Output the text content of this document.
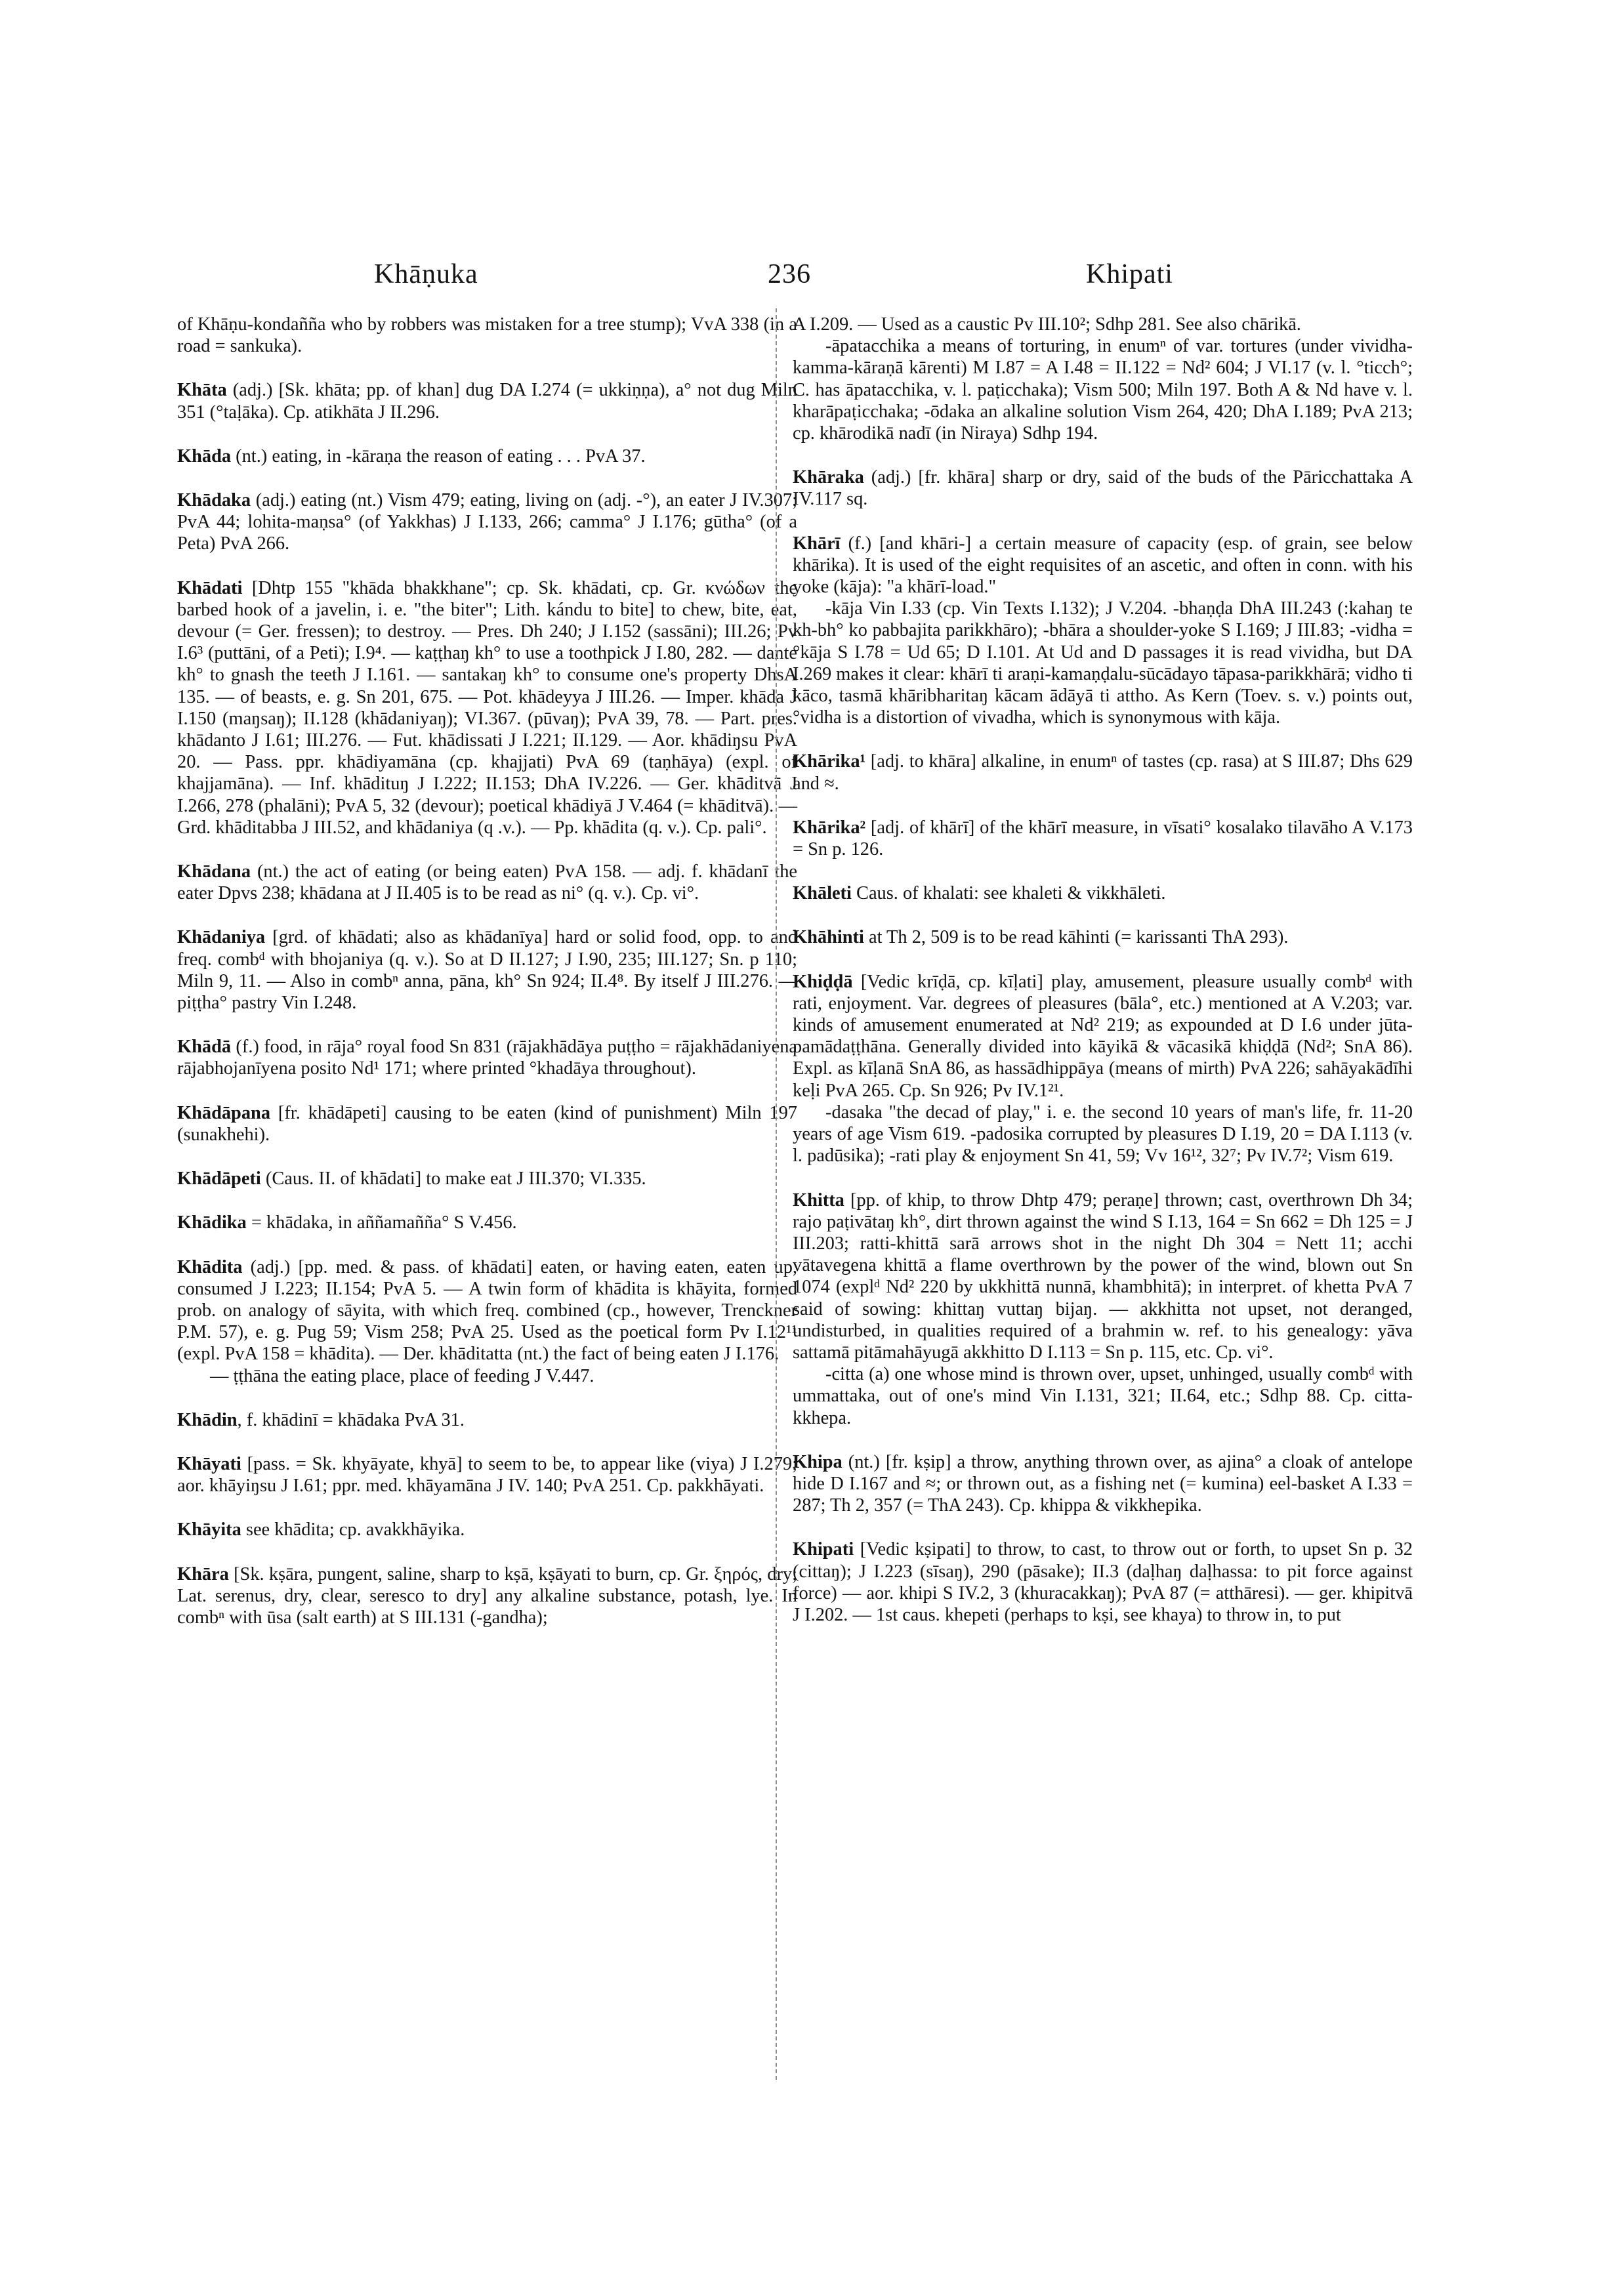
Khāṇuka	236	Khipati

of Khāṇu-kondañña who by robbers was mistaken for a tree stump); VvA 338 (in a road = sankuka).

Khāta (adj.) [Sk. khāta; pp. of khan] dug DA I.274 (= ukkiṇṇa), a° not dug Miln 351 (°taḷāka). Cp. atikhāta J II.296.

Khāda (nt.) eating, in -kāraṇa the reason of eating . . . PvA 37.

Khādaka (adj.) eating (nt.) Vism 479; eating, living on (adj. -°), an eater J IV.307; PvA 44; lohita-maṇsa° (of Yakkhas) J I.133, 266; camma° J I.176; gūtha° (of a Peta) PvA 266.

Khādati [Dhtp 155 "khāda bhakkhane"; cp. Sk. khādati, cp. Gr. κνώδων the barbed hook of a javelin, i. e. "the biter"; Lith. kándu to bite] to chew, bite, eat, devour (= Ger. fressen); to destroy. — Pres. Dh 240; J I.152 (sassāni); III.26; Pv I.6³ (puttāni, of a Peti); I.9⁴. — kaṭṭhaŋ kh° to use a toothpick J I.80, 282. — dante kh° to gnash the teeth J I.161. — santakaŋ kh° to consume one's property DhsA 135. — of beasts, e. g. Sn 201, 675. — Pot. khādeyya J III.26. — Imper. khāda J I.150 (maŋsaŋ); II.128 (khādaniyaŋ); VI.367. (pūvaŋ); PvA 39, 78. — Part. pres. khādanto J I.61; III.276. — Fut. khādissati J I.221; II.129. — Aor. khādiŋsu PvA 20. — Pass. ppr. khādiyamāna (cp. khajjati) PvA 69 (taṇhāya) (expl. of khajjamāna). — Inf. khādituŋ J I.222; II.153; DhA IV.226. — Ger. khāditvā J I.266, 278 (phalāni); PvA 5, 32 (devour); poetical khādiyā J V.464 (= khāditvā). — Grd. khāditabba J III.52, and khādaniya (q .v.). — Pp. khādita (q. v.). Cp. pali°.

Khādana (nt.) the act of eating (or being eaten) PvA 158. — adj. f. khādanī the eater Dpvs 238; khādana at J II.405 is to be read as ni° (q. v.). Cp. vi°.

Khādaniya [grd. of khādati; also as khādanīya] hard or solid food, opp. to and freq. combᵈ with bhojaniya (q. v.). So at D II.127; J I.90, 235; III.127; Sn. p 110; Miln 9, 11. — Also in combⁿ anna, pāna, kh° Sn 924; II.4⁸. By itself J III.276. — piṭṭha° pastry Vin I.248.

Khādā (f.) food, in rāja° royal food Sn 831 (rājakhādāya puṭṭho = rājakhādaniyena rājabhojanīyena posito Nd¹ 171; where printed °khadāya throughout).

Khādāpana [fr. khādāpeti] causing to be eaten (kind of punishment) Miln 197 (sunakhehi).

Khādāpeti (Caus. II. of khādati] to make eat J III.370; VI.335.

Khādika = khādaka, in aññamañña° S V.456.

Khādita (adj.) [pp. med. & pass. of khādati] eaten, or having eaten, eaten up, consumed J I.223; II.154; PvA 5. — A twin form of khādita is khāyita, formed prob. on analogy of sāyita, with which freq. combined (cp., however, Trenckner P.M. 57), e. g. Pug 59; Vism 258; PvA 25. Used as the poetical form Pv I.12¹¹ (expl. PvA 158 = khādita). — Der. khāditatta (nt.) the fact of being eaten J I.176.

— ṭṭhāna the eating place, place of feeding J V.447.

Khādin, f. khādinī = khādaka PvA 31.

Khāyati [pass. = Sk. khyāyate, khyā] to seem to be, to appear like (viya) J I.279; aor. khāyiŋsu J I.61; ppr. med. khāyamāna J IV. 140; PvA 251. Cp. pakkhāyati.

Khāyita see khādita; cp. avakkhāyika.

Khāra [Sk. kṣāra, pungent, saline, sharp to kṣā, kṣāyati to burn, cp. Gr. ξηρός, dry; Lat. serenus, dry, clear, seresco to dry] any alkaline substance, potash, lye. In combⁿ with ūsa (salt earth) at S III.131 (-gandha);

A I.209. — Used as a caustic Pv III.10²; Sdhp 281. See also chārikā.

-āpatacchika a means of torturing, in enumⁿ of var. tortures (under vividha-kamma-kāraṇā kārenti) M I.87 = A I.48 = II.122 = Nd² 604; J VI.17 (v. l. °ticch°; C. has āpatacchika, v. l. paṭicchaka); Vism 500; Miln 197. Both A & Nd have v. l. kharāpaṭicchaka; -ōdaka an alkaline solution Vism 264, 420; DhA I.189; PvA 213; cp. khārodikā nadī (in Niraya) Sdhp 194.

Khāraka (adj.) [fr. khāra] sharp or dry, said of the buds of the Pāricchattaka A IV.117 sq.

Khārī (f.) [and khāri-] a certain measure of capacity (esp. of grain, see below khārika). It is used of the eight requisites of an ascetic, and often in conn. with his yoke (kāja): "a khārī-load."

-kāja Vin I.33 (cp. Vin Texts I.132); J V.204. -bhaṇḍa DhA III.243 (:kahaŋ te kh-bh° ko pabbajita parikkhāro); -bhāra a shoulder-yoke S I.169; J III.83; -vidha = °kāja S I.78 = Ud 65; D I.101. At Ud and D passages it is read vividha, but DA I.269 makes it clear: khārī ti araṇi-kamaṇḍalu-sūcādayo tāpasa-parikkhārā; vidho ti kāco, tasmā khāribharitaŋ kācam ādāyā ti attho. As Kern (Toev. s. v.) points out, °vidha is a distortion of vivadha, which is synonymous with kāja.

Khārika¹ [adj. to khāra] alkaline, in enumⁿ of tastes (cp. rasa) at S III.87; Dhs 629 and ≈.

Khārika² [adj. of khārī] of the khārī measure, in vīsati° kosalako tilavāho A V.173 = Sn p. 126.

Khāleti Caus. of khalati: see khaleti & vikkhāleti.

Khāhinti at Th 2, 509 is to be read kāhinti (= karissanti ThA 293).

Khiḍḍā [Vedic krīḍā, cp. kīḷati] play, amusement, pleasure usually combᵈ with rati, enjoyment. Var. degrees of pleasures (bāla°, etc.) mentioned at A V.203; var. kinds of amusement enumerated at Nd² 219; as expounded at D I.6 under jūta-pamādaṭṭhāna. Generally divided into kāyikā & vācasikā khiḍḍā (Nd²; SnA 86). Expl. as kīḷanā SnA 86, as hassādhippāya (means of mirth) PvA 226; sahāyakādīhi keḷi PvA 265. Cp. Sn 926; Pv IV.1²¹.

-dasaka "the decad of play," i. e. the second 10 years of man's life, fr. 11-20 years of age Vism 619. -padosika corrupted by pleasures D I.19, 20 = DA I.113 (v. l. padūsika); -rati play & enjoyment Sn 41, 59; Vv 16¹², 32⁷; Pv IV.7²; Vism 619.

Khitta [pp. of khip, to throw Dhtp 479; peraṇe] thrown; cast, overthrown Dh 34; rajo paṭivātaŋ kh°, dirt thrown against the wind S I.13, 164 = Sn 662 = Dh 125 = J III.203; ratti-khittā sarā arrows shot in the night Dh 304 = Nett 11; acchi vātavegena khittā a flame overthrown by the power of the wind, blown out Sn 1074 (explᵈ Nd² 220 by ukkhittā nunnā, khambhitā); in interpret. of khetta PvA 7 said of sowing: khittaŋ vuttaŋ bijaŋ. — akkhitta not upset, not deranged, undisturbed, in qualities required of a brahmin w. ref. to his genealogy: yāva sattamā pitāmahāyugā akkhitto D I.113 = Sn p. 115, etc. Cp. vi°.

-citta (a) one whose mind is thrown over, upset, unhinged, usually combᵈ with ummattaka, out of one's mind Vin I.131, 321; II.64, etc.; Sdhp 88. Cp. citta-kkhepa.

Khipa (nt.) [fr. kṣip] a throw, anything thrown over, as ajina° a cloak of antelope hide D I.167 and ≈; or thrown out, as a fishing net (= kumina) eel-basket A I.33 = 287; Th 2, 357 (= ThA 243). Cp. khippa & vikkhepika.

Khipati [Vedic kṣipati] to throw, to cast, to throw out or forth, to upset Sn p. 32 (cittaŋ); J I.223 (sīsaŋ), 290 (pāsake); II.3 (daḷhaŋ daḷhassa: to pit force against force) — aor. khipi S IV.2, 3 (khuracakkaŋ); PvA 87 (= atthāresi). — ger. khipitvā J I.202. — 1st caus. khepeti (perhaps to kṣi, see khaya) to throw in, to put
